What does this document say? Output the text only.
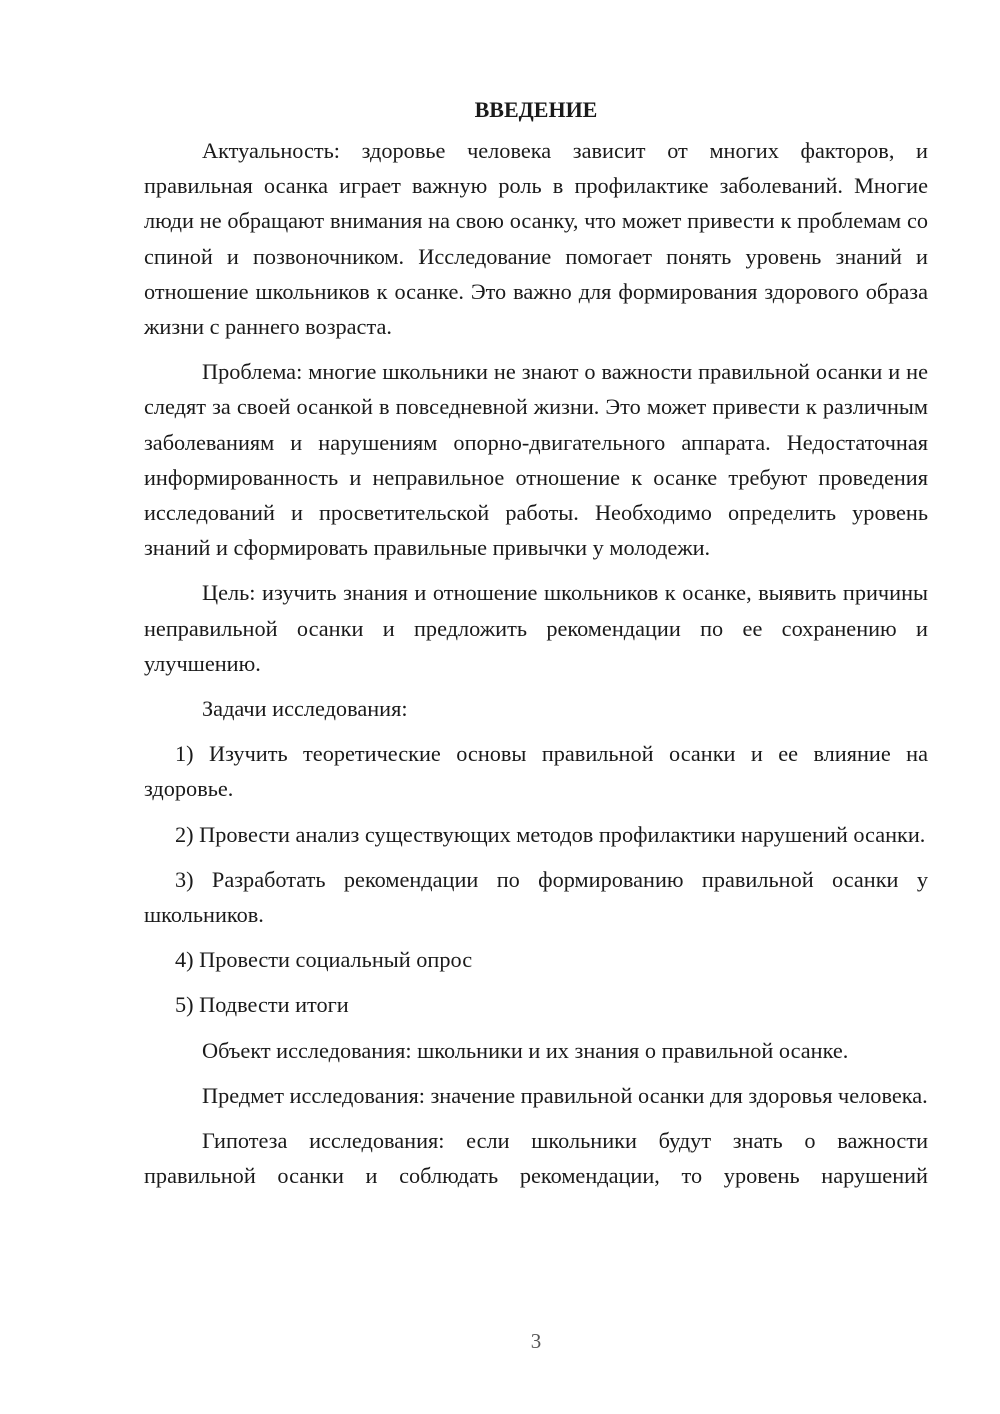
ВВЕДЕНИЕ

Актуальность: здоровье человека зависит от многих факторов, и правильная осанка играет важную роль в профилактике заболеваний. Многие люди не обращают внимания на свою осанку, что может привести к проблемам со спиной и позвоночником. Исследование помогает понять уровень знаний и отношение школьников к осанке. Это важно для формирования здорового образа жизни с раннего возраста.

Проблема: многие школьники не знают о важности правильной осанки и не следят за своей осанкой в повседневной жизни. Это может привести к различным заболеваниям и нарушениям опорно-двигательного аппарата. Недостаточная информированность и неправильное отношение к осанке требуют проведения исследований и просветительской работы. Необходимо определить уровень знаний и сформировать правильные привычки у молодежи.

Цель: изучить знания и отношение школьников к осанке, выявить причины неправильной осанки и предложить рекомендации по ее сохранению и улучшению.

Задачи исследования:

1) Изучить теоретические основы правильной осанки и ее влияние на здоровье.

2) Провести анализ существующих методов профилактики нарушений осанки.

3) Разработать рекомендации по формированию правильной осанки у школьников.

4) Провести социальный опрос

5) Подвести итоги

Объект исследования: школьники и их знания о правильной осанке.

Предмет исследования: значение правильной осанки для здоровья человека.

Гипотеза исследования: если школьники будут знать о важности правильной осанки и соблюдать рекомендации, то уровень нарушений

3
